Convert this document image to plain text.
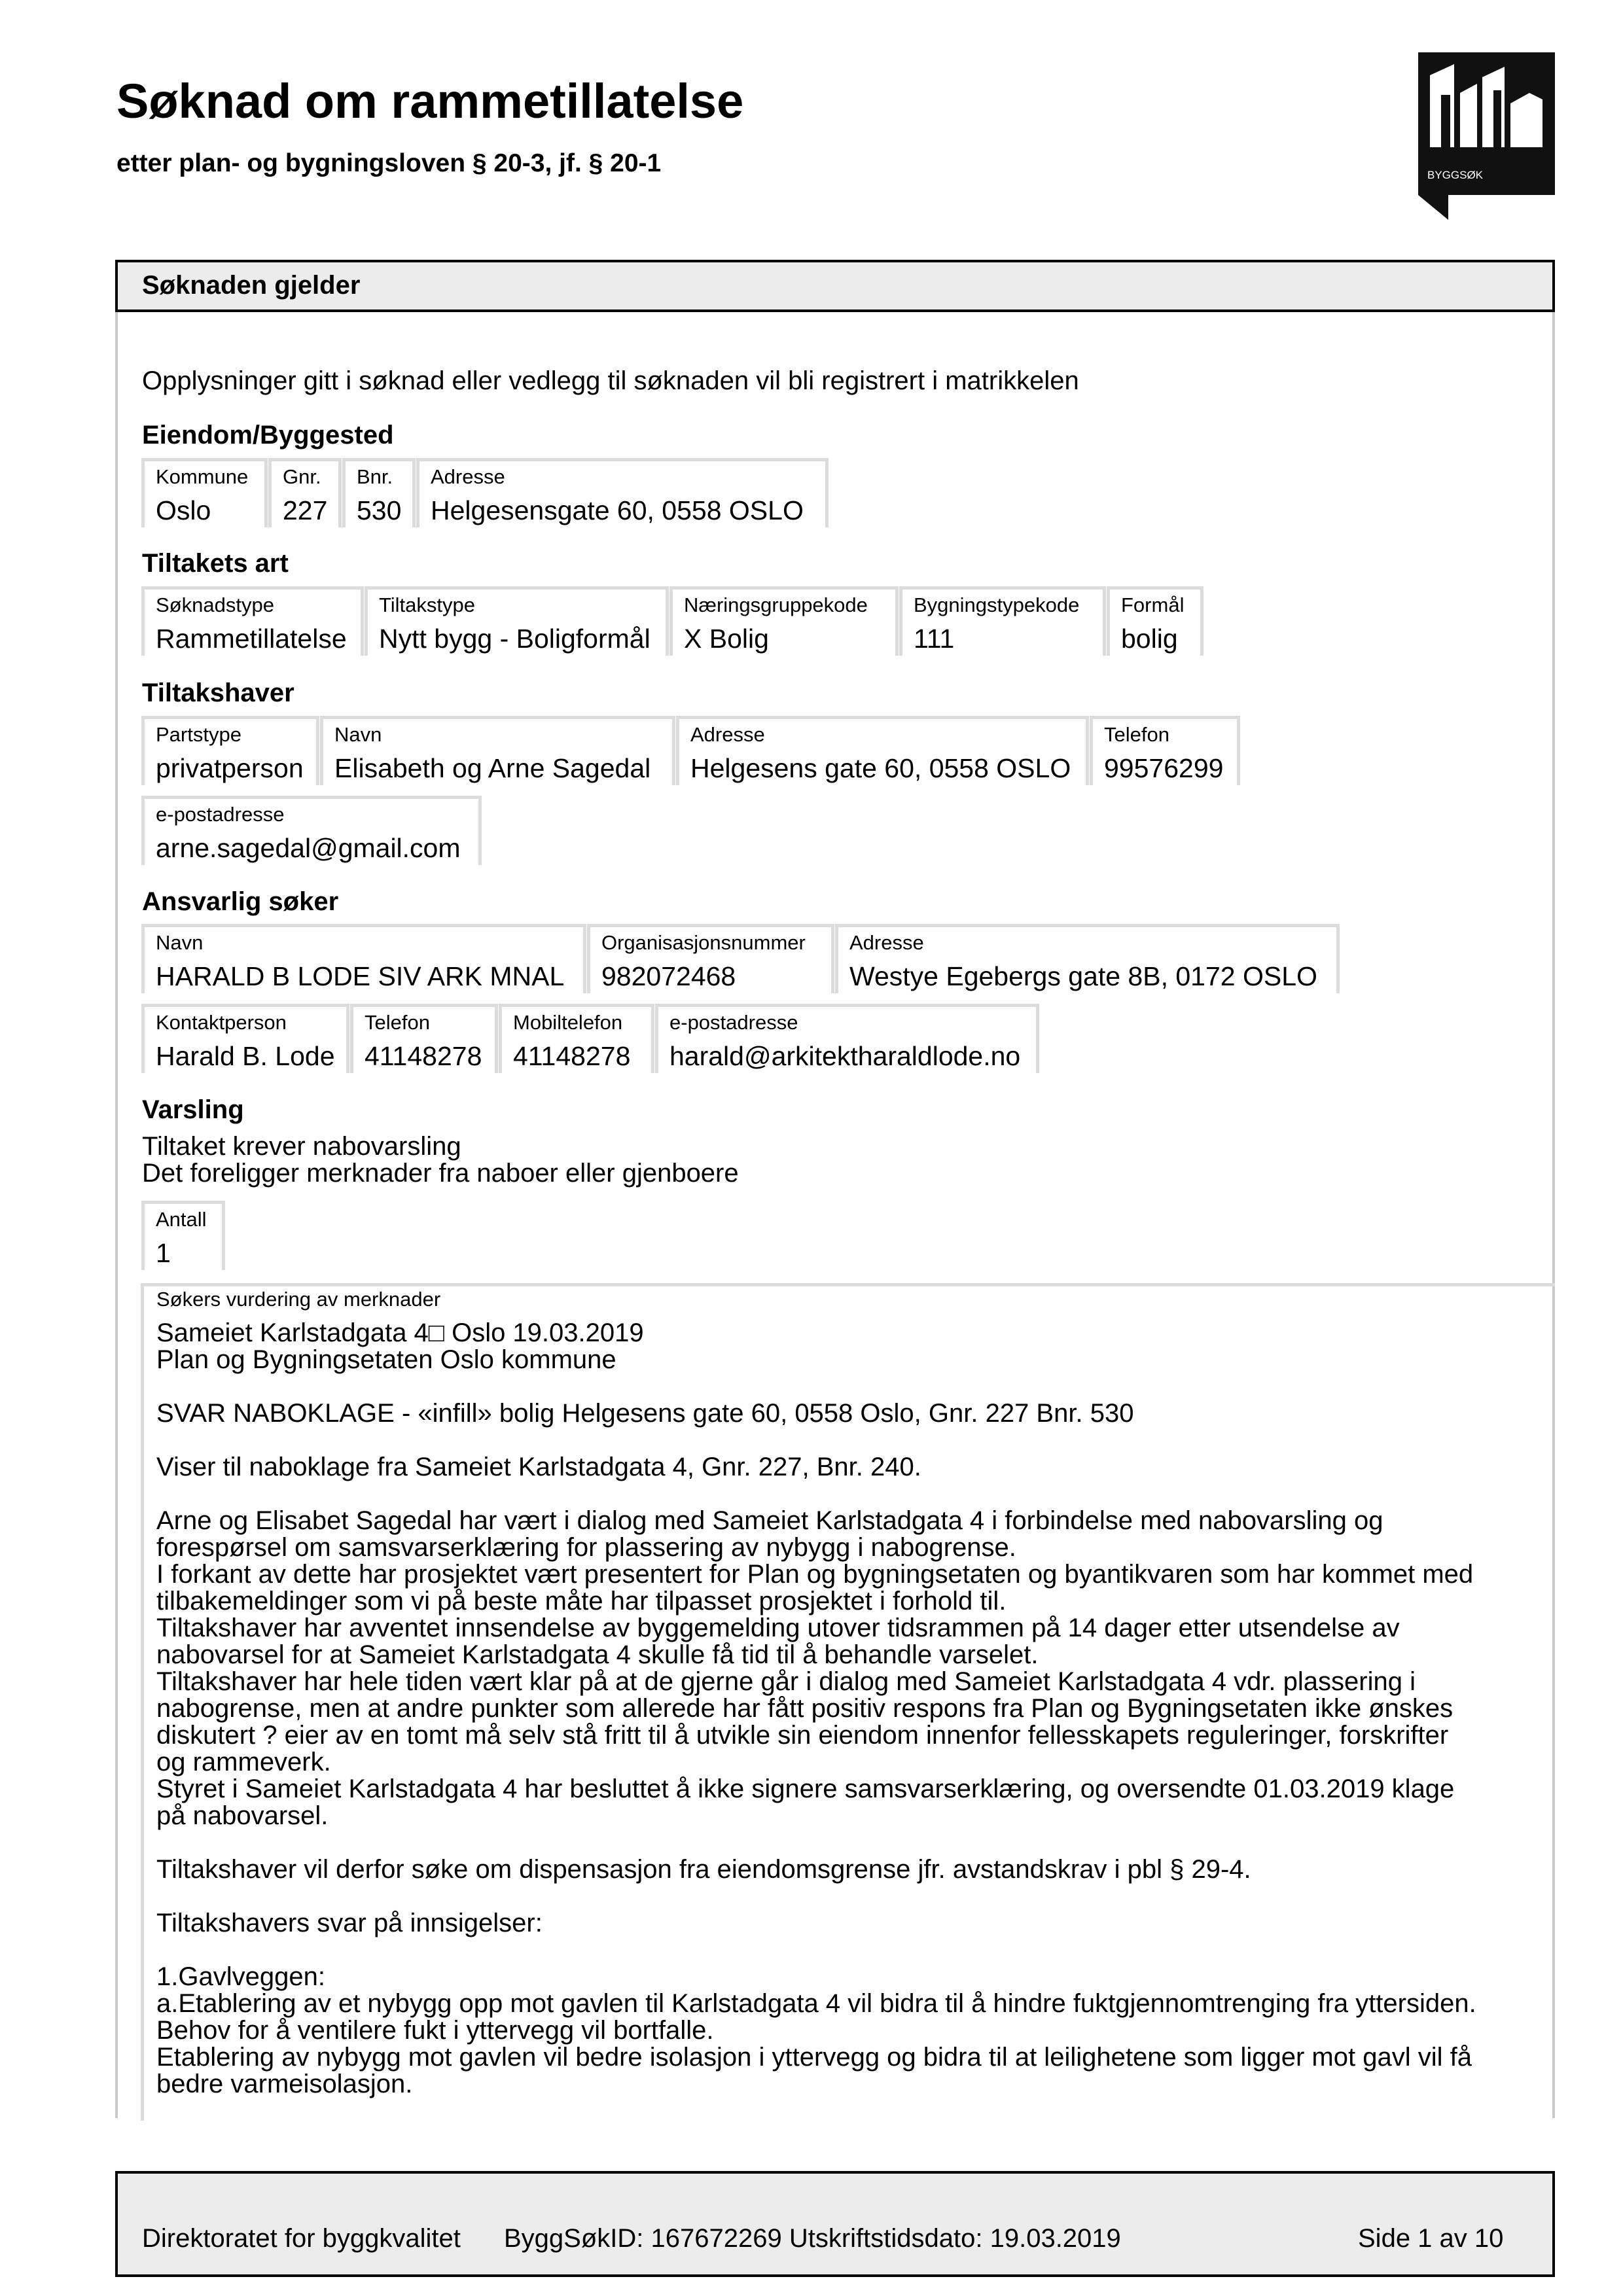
Søknad om rammetillatelse
etter plan- og bygningsloven § 20-3, jf. § 20-1	BYGGSØK
Søknaden gjelder
Opplysninger gitt i søknad eller vedlegg til søknaden vil bli registrert i matrikkelen
Eiendom/Byggested
Kommune
Oslo
Gnr.
227
Bnr.
530
Adresse
Helgesensgate 60, 0558 OSLO
Tiltakets art
Søknadstype
Rammetillatelse
Tiltakstype
Nytt bygg - Boligformål
Næringsgruppekode
X Bolig
Bygningstypekode
111
Formål
bolig
Tiltakshaver
Partstype
privatperson
Navn
Elisabeth og Arne Sagedal
Adresse
Helgesens gate 60, 0558 OSLO
Telefon
99576299
e-postadresse
arne.sagedal@gmail.com
Ansvarlig søker
Navn
HARALD B LODE SIV ARK MNAL
Organisasjonsnummer
982072468
Adresse
Westye Egebergs gate 8B, 0172 OSLO
Kontaktperson
Harald B. Lode
Telefon
41148278
Mobiltelefon
41148278
e-postadresse
harald@arkitektharaldlode.no
Varsling
Tiltaket krever nabovarsling
Det foreligger merknader fra naboer eller gjenboere
Antall
1
Søkers vurdering av merknader
Sameiet Karlstadgata 4□ Oslo 19.03.2019
Plan og Bygningsetaten Oslo kommune
SVAR NABOKLAGE - «infill» bolig Helgesens gate 60, 0558 Oslo, Gnr. 227 Bnr. 530
Viser til naboklage fra Sameiet Karlstadgata 4, Gnr. 227, Bnr. 240.
Arne og Elisabet Sagedal har vært i dialog med Sameiet Karlstadgata 4 i forbindelse med nabovarsling og
forespørsel om samsvarserklæring for plassering av nybygg i nabogrense.
I forkant av dette har prosjektet vært presentert for Plan og bygningsetaten og byantikvaren som har kommet med
tilbakemeldinger som vi på beste måte har tilpasset prosjektet i forhold til.
Tiltakshaver har avventet innsendelse av byggemelding utover tidsrammen på 14 dager etter utsendelse av
nabovarsel for at Sameiet Karlstadgata 4 skulle få tid til å behandle varselet.
Tiltakshaver har hele tiden vært klar på at de gjerne går i dialog med Sameiet Karlstadgata 4 vdr. plassering i
nabogrense, men at andre punkter som allerede har fått positiv respons fra Plan og Bygningsetaten ikke ønskes
diskutert ? eier av en tomt må selv stå fritt til å utvikle sin eiendom innenfor fellesskapets reguleringer, forskrifter
og rammeverk.
Styret i Sameiet Karlstadgata 4 har besluttet å ikke signere samsvarserklæring, og oversendte 01.03.2019 klage
på nabovarsel.
Tiltakshaver vil derfor søke om dispensasjon fra eiendomsgrense jfr. avstandskrav i pbl § 29-4.
Tiltakshavers svar på innsigelser:
1.Gavlveggen:
a.Etablering av et nybygg opp mot gavlen til Karlstadgata 4 vil bidra til å hindre fuktgjennomtrenging fra yttersiden.
Behov for å ventilere fukt i yttervegg vil bortfalle.
Etablering av nybygg mot gavlen vil bedre isolasjon i yttervegg og bidra til at leilighetene som ligger mot gavl vil få
bedre varmeisolasjon.
Direktoratet for byggkvalitet ByggSøkID: 167672269 Utskriftstidsdato: 19.03.2019	Side 1 av 10
